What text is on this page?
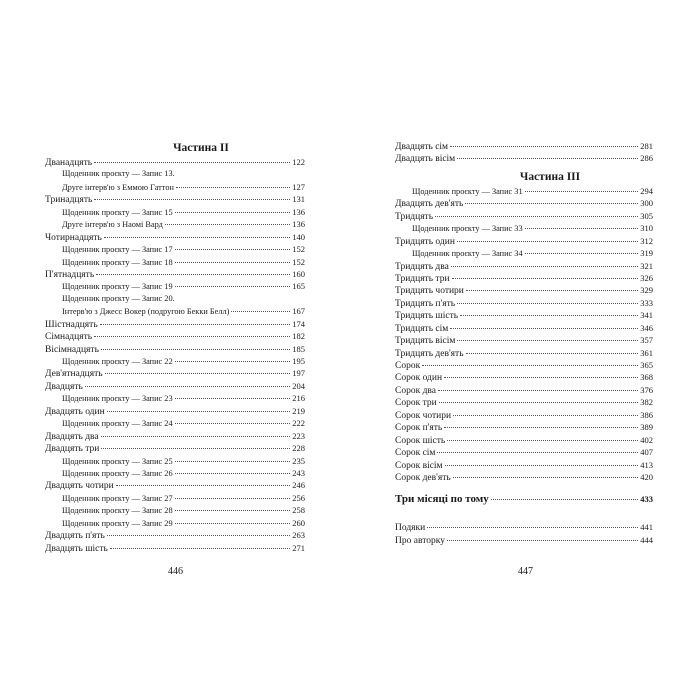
Частина II
Дванадцять	122
Щоденник проєкту — Запис 13.
Друге інтерв'ю з Еммою Гаттон	127
Тринадцять	131
Щоденник проєкту — Запис 15	136
Друге інтерв'ю з Наомі Вард	136
Чотирнадцять	140
Щоденник проєкту — Запис 17	152
Щоденник проєкту — Запис 18	152
П'ятнадцять	160
Щоденник проєкту — Запис 19	165
Щоденник проєкту — Запис 20.
Інтерв'ю з Джесс Вокер (подругою Бекки Белл)	167
Шістнадцять	174
Сімнадцять	182
Вісімнадцять	185
Щоденник проєкту — Запис 22	195
Дев'ятнадцять	197
Двадцять	204
Щоденник проєкту — Запис 23	216
Двадцять один	219
Щоденник проєкту — Запис 24	222
Двадцять два	223
Двадцять три	228
Щоденник проєкту — Запис 25	235
Щоденник проєкту — Запис 26	243
Двадцять чотири	246
Щоденник проєкту — Запис 27	256
Щоденник проєкту — Запис 28	258
Щоденник проєкту — Запис 29	260
Двадцять п'ять	263
Двадцять шість	271
Двадцять сім	281
Двадцять вісім	286
Частина III
Щоденник проєкту — Запис 31	294
Двадцять дев'ять	300
Тридцять	305
Щоденник проєкту — Запис 33	310
Тридцять один	312
Щоденник проєкту — Запис 34	319
Тридцять два	321
Тридцять три	326
Тридцять чотири	329
Тридцять п'ять	333
Тридцять шість	341
Тридцять сім	346
Тридцять вісім	357
Тридцять дев'ять	361
Сорок	365
Сорок один	368
Сорок два	376
Сорок три	382
Сорок чотири	386
Сорок п'ять	389
Сорок шість	402
Сорок сім	407
Сорок вісім	413
Сорок дев'ять	420
Три місяці по тому	433
Подяки	441
Про авторку	444
446	447
